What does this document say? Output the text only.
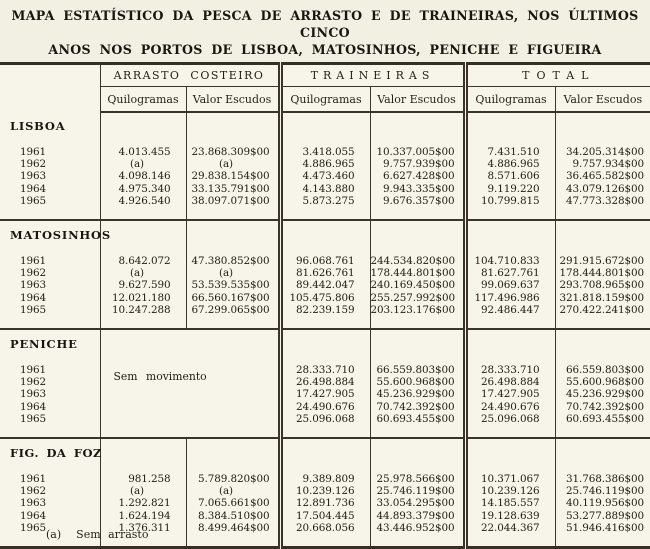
MAPA ESTATÍSTICO DA PESCA DE ARRASTO E DE TRAINEIRAS, NOS ÚLTIMOS CINCO
ANOS NOS PORTOS DE LISBOA, MATOSINHOS, PENICHE E FIGUEIRA
	ARRASTO COSTEIRO		TRAINEIRAS		TOTAL	
	Quilogramas	Valor Escudos	Quilogramas	Valor Escudos	Quilogramas	Valor Escudos
LISBOA						
1961	4.013.455	23.868.309$00	3.418.055	10.337.005$00	7.431.510	34.205.314$00
1962	(a)	(a)	4.886.965	9.757.939$00	4.886.965	9.757.934$00
1963	4.098.146	29.838.154$00	4.473.460	6.627.428$00	8.571.606	36.465.582$00
1964	4.975.340	33.135.791$00	4.143.880	9.943.335$00	9.119.220	43.079.126$00
1965	4.926.540	38.097.071$00	5.873.275	9.676.357$00	10.799.815	47.773.328$00

MATOSINHOS						
1961	8.642.072	47.380.852$00	96.068.761	244.534.820$00	104.710.833	291.915.672$00
1962	(a)	(a)	81.626.761	178.444.801$00	81.627.761	178.444.801$00
1963	9.627.590	53.539.535$00	89.442.047	240.169.450$00	99.069.637	293.708.965$00
1964	12.021.180	66.560.167$00	105.475.806	255.257.992$00	117.496.986	321.818.159$00
1965	10.247.288	67.299.065$00	82.239.159	203.123.176$00	92.486.447	270.422.241$00

PENICHE	Sem movimento					
1961			28.333.710	66.559.803$00	28.333.710	66.559.803$00
1962			26.498.884	55.600.968$00	26.498.884	55.600.968$00
1963			17.427.905	45.236.929$00	17.427.905	45.236.929$00
1964			24.490.676	70.742.392$00	24.490.676	70.742.392$00
1965			25.096.068	60.693.455$00	25.096.068	60.693.455$00

FIG. DA FOZ						
1961	981.258	5.789.820$00	9.389.809	25.978.566$00	10.371.067	31.768.386$00
1962	(a)	(a)	10.239.126	25.746.119$00	10.239.126	25.746.119$00
1963	1.292.821	7.065.661$00	12.891.736	33.054.295$00	14.185.557	40.119.956$00
1964	1.624.194	8.384.510$00	17.504.445	44.893.379$00	19.128.639	53.277.889$00
1965	1.376.311	8.499.464$00	20.668.056	43.446.952$00	22.044.367	51.946.416$00

(a) Sem arrasto
